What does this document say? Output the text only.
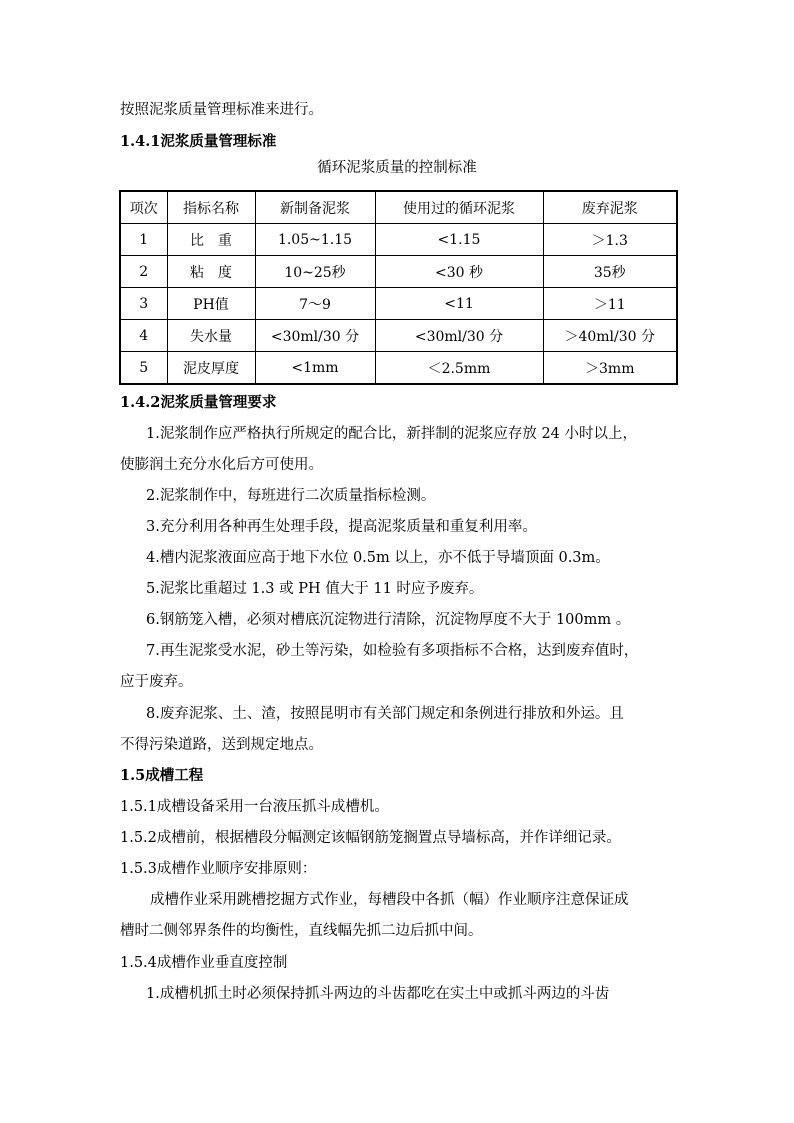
按照泥浆质量管理标准来进行。
1.4.1泥浆质量管理标准
循环泥浆质量的控制标准
项次	指标名称	新制备泥浆	使用过的循环泥浆	废弃泥浆
1	比　重	1.05~1.15	<1.15	＞1.3
2	粘　度	10~25秒	<30 秒	35秒
3	PH值	7～9	<11	＞11
4	失水量	<30ml/30 分	<30ml/30 分	＞40ml/30 分
5	泥皮厚度	<1mm	＜2.5mm	＞3mm
1.4.2泥浆质量管理要求
1.泥浆制作应严格执行所规定的配合比，新拌制的泥浆应存放 24 小时以上，
使膨润土充分水化后方可使用。
2.泥浆制作中，每班进行二次质量指标检测。
3.充分利用各种再生处理手段，提高泥浆质量和重复利用率。
4.槽内泥浆液面应高于地下水位 0.5m 以上，亦不低于导墙顶面 0.3m。
5.泥浆比重超过 1.3 或 PH 值大于 11 时应予废弃。
6.钢筋笼入槽，必须对槽底沉淀物进行清除，沉淀物厚度不大于 100mm 。
7.再生泥浆受水泥，砂土等污染，如检验有多项指标不合格，达到废弃值时，
应于废弃。
8.废弃泥浆、土、渣，按照昆明市有关部门规定和条例进行排放和外运。且
不得污染道路，送到规定地点。
1.5成槽工程
1.5.1成槽设备采用一台液压抓斗成槽机。
1.5.2成槽前，根据槽段分幅测定该幅钢筋笼搁置点导墙标高，并作详细记录。
1.5.3成槽作业顺序安排原则：
成槽作业采用跳槽挖掘方式作业，每槽段中各抓（幅）作业顺序注意保证成
槽时二侧邻界条件的均衡性，直线幅先抓二边后抓中间。
1.5.4成槽作业垂直度控制
1.成槽机抓土时必须保持抓斗两边的斗齿都吃在实土中或抓斗两边的斗齿
